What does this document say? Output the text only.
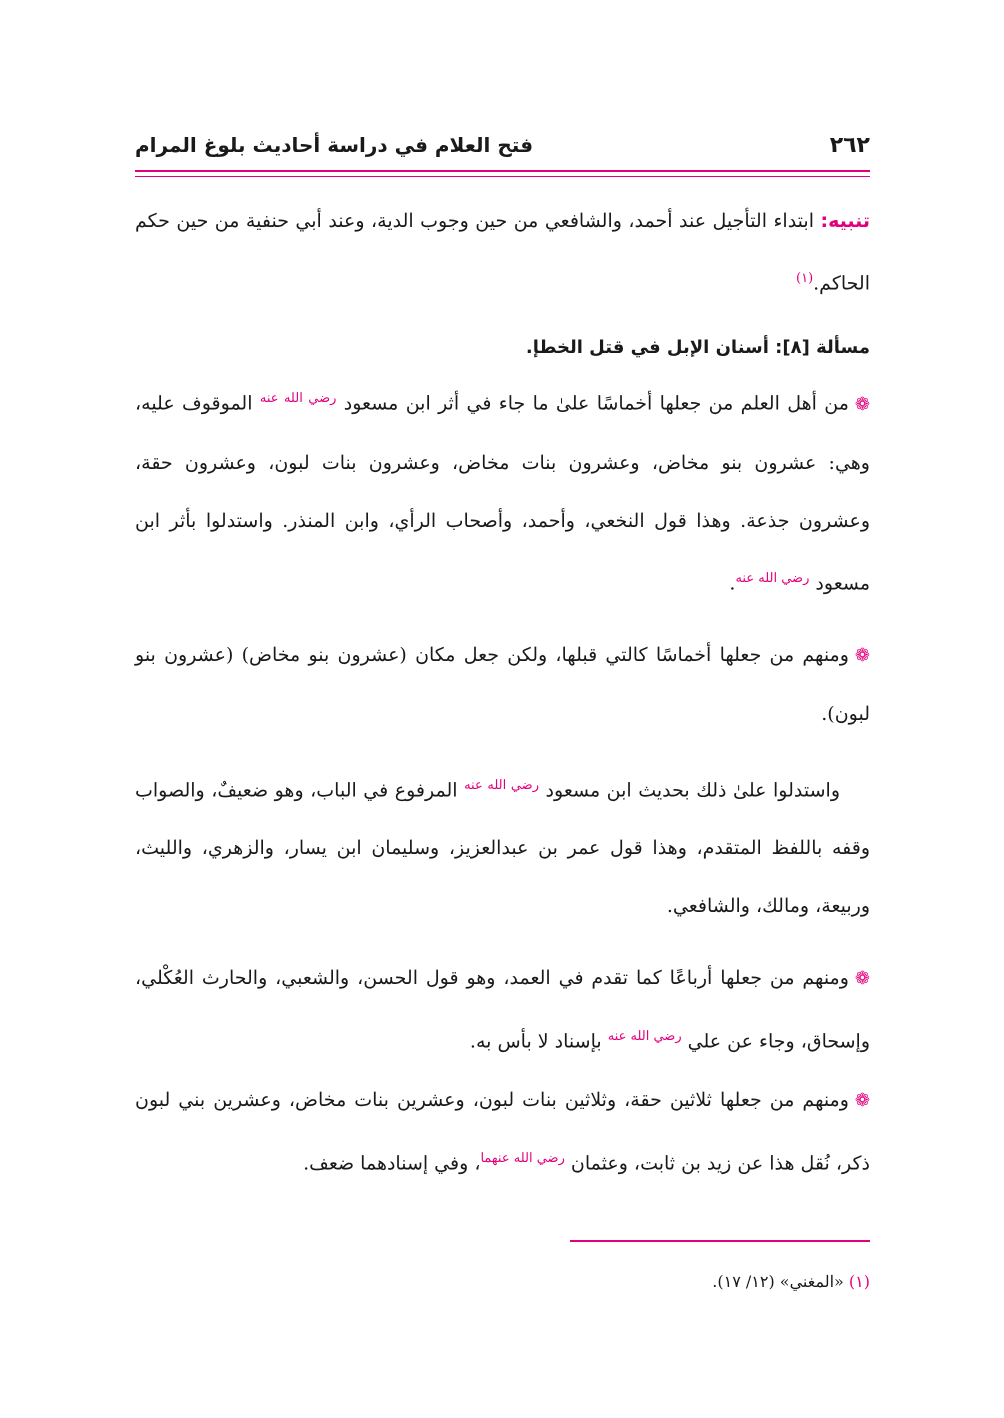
٢٦٢
فتح العلام في دراسة أحاديث بلوغ المرام

تنبيه: ابتداء التأجيل عند أحمد، والشافعي من حين وجوب الدية، وعند أبي حنفية من حين حكم الحاكم.$^{(١)}$

مسألة [٨]: أسنان الإبل في قتل الخطإ.

❁من أهل العلم من جعلها أخماسًا علىٰ ما جاء في أثر ابن مسعود $^{رضي الله عنه}$ الموقوف عليه، وهي: عشرون بنو مخاض، وعشرون بنات مخاض، وعشرون بنات لبون، وعشرون حقة، وعشرون جذعة. وهذا قول النخعي، وأحمد، وأصحاب الرأي، وابن المنذر. واستدلوا بأثر ابن مسعود $^{رضي الله عنه}$.

❁ومنهم من جعلها أخماسًا كالتي قبلها، ولكن جعل مكان (عشرون بنو مخاض) (عشرون بنو لبون).

واستدلوا علىٰ ذلك بحديث ابن مسعود $^{رضي الله عنه}$ المرفوع في الباب، وهو ضعيفٌ، والصواب وقفه باللفظ المتقدم، وهذا قول عمر بن عبدالعزيز، وسليمان ابن يسار، والزهري، والليث، وربيعة، ومالك، والشافعي.

❁ومنهم من جعلها أرباعًا كما تقدم في العمد، وهو قول الحسن، والشعبي، والحارث العُكْلي، وإسحاق، وجاء عن علي $^{رضي الله عنه}$ بإسناد لا بأس به.

❁ومنهم من جعلها ثلاثين حقة، وثلاثين بنات لبون، وعشرين بنات مخاض، وعشرين بني لبون ذكر، نُقل هذا عن زيد بن ثابت، وعثمان $^{رضي الله عنهما}$، وفي إسنادهما ضعف.

(١) «المغني» (١٢/ ١٧).
